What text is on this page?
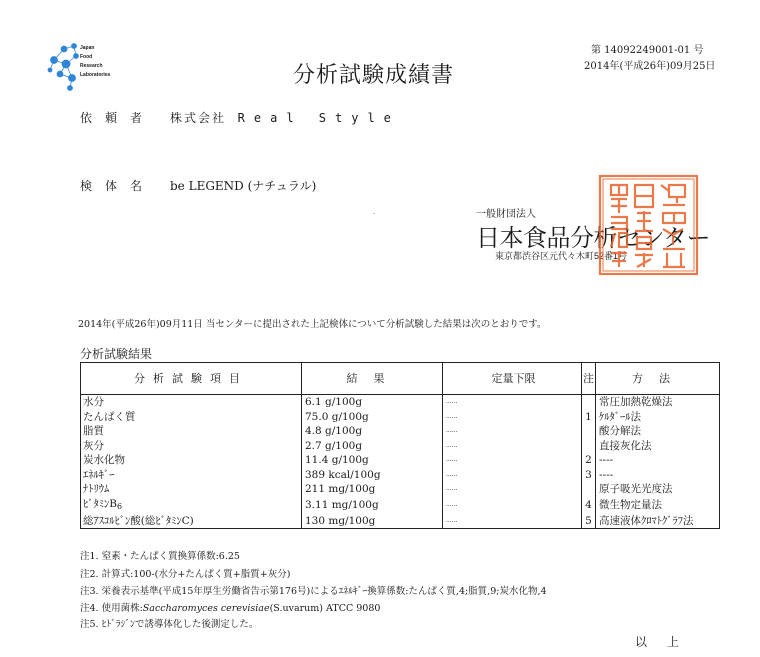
Japan
Food
Research
Laboratories	分析試験成績書
第 14092249001-01 号
2014年(平成26年)09月25日
依頼者 株式会社 Real Style
検体名 be LEGEND (ナチュラル)
·	一般財団法人
日本食品分析センター
東京都渋谷区元代々木町52番1号
2014年(平成26年)09月11日 当センターに提出された上記検体について分析試験した結果は次のとおりです。
分析試験結果
分析試験項目	結果	定量下限	注	方法
水分	6.1 g/100g	......		常圧加熱乾燥法
たんぱく質	75.0 g/100g	......	1	ｹﾙﾀﾞｰﾙ法
脂質	4.8 g/100g	......		酸分解法
灰分	2.7 g/100g	......		直接灰化法
炭水化物	11.4 g/100g	......	2	----
ｴﾈﾙｷﾞｰ	389 kcal/100g	......	3	----
ﾅﾄﾘｳﾑ	211 mg/100g	......		原子吸光光度法
ﾋﾞﾀﾐﾝ$B_6$	3.11 mg/100g	......	4	微生物定量法
総ｱｽｺﾙﾋﾞﾝ酸(総ﾋﾞﾀﾐﾝC)	130 mg/100g	......	5	高速液体ｸﾛﾏﾄｸﾞﾗﾌ法
注1. 窒素・たんぱく質換算係数:6.25
注2. 計算式:100-(水分+たんぱく質+脂質+灰分)
注3. 栄養表示基準(平成15年厚生労働省告示第176号)によるｴﾈﾙｷﾞｰ換算係数:たんぱく質,4;脂質,9;炭水化物,4
注4. 使用菌株:Saccharomyces cerevisiae(S.uvarum) ATCC 9080
注5. ﾋﾄﾞﾗｼﾞﾝで誘導体化した後測定した。
以上
